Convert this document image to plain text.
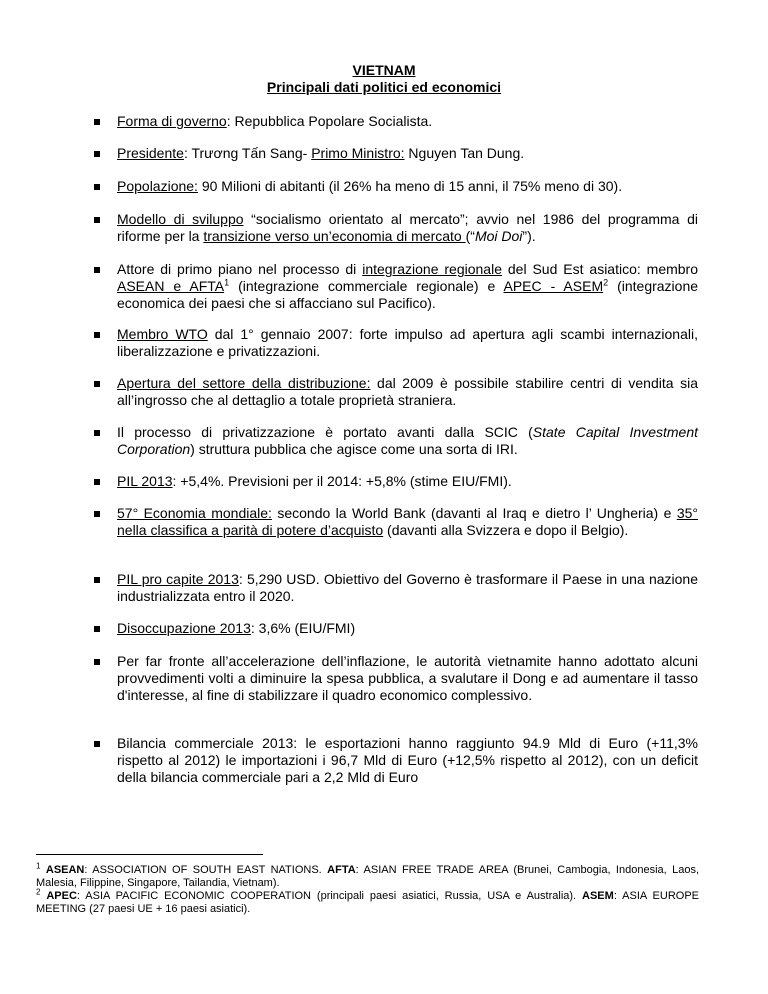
VIETNAM
Principali dati politici ed economici
Forma di governo: Repubblica Popolare Socialista.
Presidente: Trương Tấn Sang- Primo Ministro: Nguyen Tan Dung.
Popolazione: 90 Milioni di abitanti (il 26% ha meno di 15 anni, il 75% meno di 30).
Modello di sviluppo “socialismo orientato al mercato”; avvio nel 1986 del programma di riforme per la transizione verso un’economia di mercato (“Moi Doi”).
Attore di primo piano nel processo di integrazione regionale del Sud Est asiatico: membro ASEAN e AFTA$^1$ (integrazione commerciale regionale) e APEC - ASEM$^2$ (integrazione economica dei paesi che si affacciano sul Pacifico).
Membro WTO dal 1° gennaio 2007: forte impulso ad apertura agli scambi internazionali, liberalizzazione e privatizzazioni.
Apertura del settore della distribuzione: dal 2009 è possibile stabilire centri di vendita sia all’ingrosso che al dettaglio a totale proprietà straniera.
Il processo di privatizzazione è portato avanti dalla SCIC (State Capital Investment Corporation) struttura pubblica che agisce come una sorta di IRI.
PIL 2013: +5,4%. Previsioni per il 2014: +5,8% (stime EIU/FMI).
57° Economia mondiale: secondo la World Bank (davanti al Iraq e dietro l’ Ungheria) e 35° nella classifica a parità di potere d’acquisto (davanti alla Svizzera e dopo il Belgio).
PIL pro capite 2013: 5,290 USD. Obiettivo del Governo è trasformare il Paese in una nazione industrializzata entro il 2020.
Disoccupazione 2013: 3,6% (EIU/FMI)
Per far fronte all’accelerazione dell’inflazione, le autorità vietnamite hanno adottato alcuni provvedimenti volti a diminuire la spesa pubblica, a svalutare il Dong e ad aumentare il tasso d'interesse, al fine di stabilizzare il quadro economico complessivo.
Bilancia commerciale 2013: le esportazioni hanno raggiunto 94.9 Mld di Euro (+11,3% rispetto al 2012) le importazioni i 96,7 Mld di Euro (+12,5% rispetto al 2012), con un deficit della bilancia commerciale pari a 2,2 Mld di Euro
$^1$ ASEAN: ASSOCIATION OF SOUTH EAST NATIONS. AFTA: ASIAN FREE TRADE AREA (Brunei, Cambogia, Indonesia, Laos, Malesia, Filippine, Singapore, Tailandia, Vietnam).
$^2$ APEC: ASIA PACIFIC ECONOMIC COOPERATION (principali paesi asiatici, Russia, USA e Australia). ASEM: ASIA EUROPE MEETING (27 paesi UE + 16 paesi asiatici).
